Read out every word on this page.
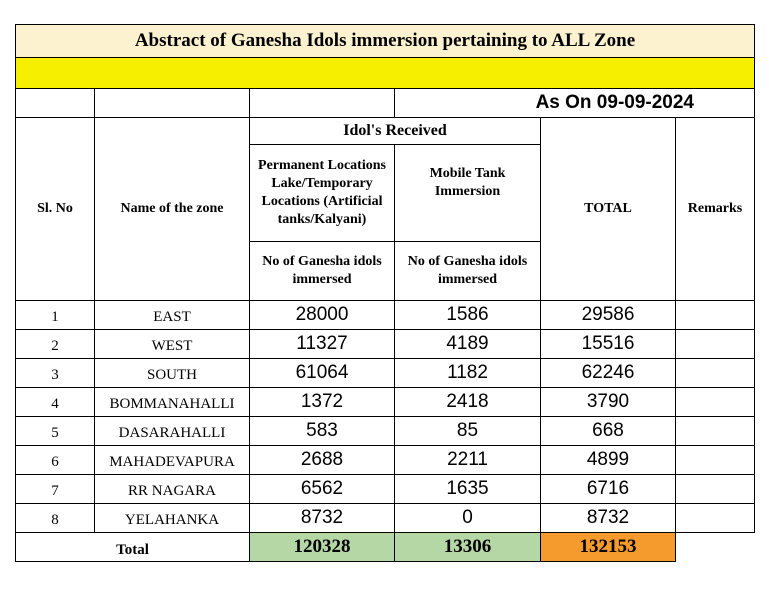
Abstract of Ganesha Idols immersion pertaining to ALL Zone					

			As On 09-09-2024		
Sl. No	Name of the zone	Idol's Received		TOTAL	Remarks
		Permanent Locations Lake/Temporary Locations (Artificial tanks/Kalyani)	Mobile Tank Immersion		
		No of Ganesha idols immersed	No of Ganesha idols immersed		

1	EAST	28000	1586	29586	
2	WEST	11327	4189	15516	
3	SOUTH	61064	1182	62246	
4	BOMMANAHALLI	1372	2418	3790	
5	DASARAHALLI	583	85	668	
6	MAHADEVAPURA	2688	2211	4899	
7	RR NAGARA	6562	1635	6716	
8	YELAHANKA	8732	0	8732	
Total		120328	13306	132153	
